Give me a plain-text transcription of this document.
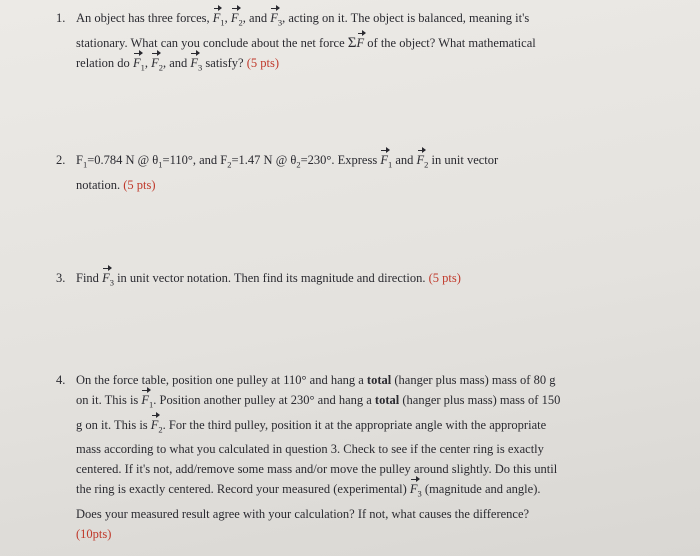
1. An object has three forces, $F_1$, $F_2$, and $F_3$, acting on it. The object is balanced, meaning it's
stationary. What can you conclude about the net force ΣF of the object? What mathematical
relation do $F_1$, $F_2$, and $F_3$ satisfy? (5 pts)
2. $F_1=0.784$ N @ $\theta_1=110^\circ$, and $F_2=1.47$ N @ $\theta_2=230^\circ$. Express $F_1$ and $F_2$ in unit vector
notation. (5 pts)
3. Find $F_3$ in unit vector notation. Then find its magnitude and direction. (5 pts)
4. On the force table, position one pulley at 110° and hang a total (hanger plus mass) mass of 80 g
on it. This is $F_1$. Position another pulley at 230° and hang a total (hanger plus mass) mass of 150
g on it. This is $F_2$. For the third pulley, position it at the appropriate angle with the appropriate
mass according to what you calculated in question 3. Check to see if the center ring is exactly
centered. If it's not, add/remove some mass and/or move the pulley around slightly. Do this until
the ring is exactly centered. Record your measured (experimental) $F_3$ (magnitude and angle).
Does your measured result agree with your calculation? If not, what causes the difference?
(10pts)
